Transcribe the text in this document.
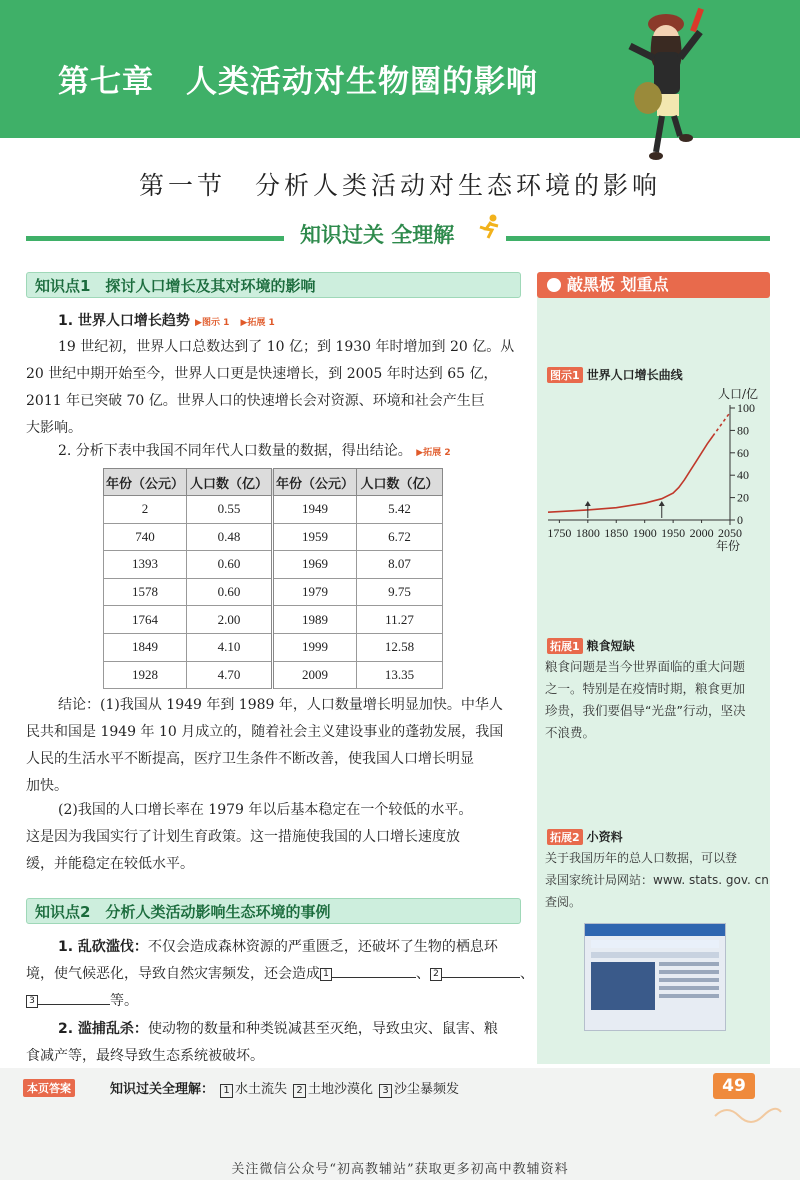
第七章　人类活动对生物圈的影响
第一节　分析人类活动对生态环境的影响
知识过关 全理解
知识点1　探讨人口增长及其对环境的影响
1. 世界人口增长趋势 ▶图示 1 ▶拓展 1
19 世纪初，世界人口总数达到了 10 亿；到 1930 年时增加到 20 亿。从
20 世纪中期开始至今，世界人口更是快速增长，到 2005 年时达到 65 亿，
2011 年已突破 70 亿。世界人口的快速增长会对资源、环境和社会产生巨
大影响。
2. 分析下表中我国不同年代人口数量的数据，得出结论。 ▶拓展 2
年份（公元）	人口数（亿）	年份（公元）	人口数（亿）
2	0.55	1949	5.42
740	0.48	1959	6.72
1393	0.60	1969	8.07
1578	0.60	1979	9.75
1764	2.00	1989	11.27
1849	4.10	1999	12.58
1928	4.70	2009	13.35
结论：(1)我国从 1949 年到 1989 年，人口数量增长明显加快。中华人
民共和国是 1949 年 10 月成立的，随着社会主义建设事业的蓬勃发展，我国
人民的生活水平不断提高，医疗卫生条件不断改善，使我国人口增长明显
加快。
(2)我国的人口增长率在 1979 年以后基本稳定在一个较低的水平。
这是因为我国实行了计划生育政策。这一措施使我国的人口增长速度放
缓，并能稳定在较低水平。
知识点2　分析人类活动影响生态环境的事例
1. 乱砍滥伐：不仅会造成森林资源的严重匮乏，还破坏了生物的栖息环
境，使气候恶化，导致自然灾害频发，还会造成 1	、 2	、
3	等。
2. 滥捕乱杀：使动物的数量和种类锐减甚至灭绝，导致虫灾、鼠害、粮
食减产等，最终导致生态系统被破坏。
敲黑板 划重点
图示1 世界人口增长曲线
人口/亿
0
20
40
60
80
100
1750 1800 1850 1900 1950 2000 2050
年份
拓展1 粮食短缺
粮食问题是当今世界面临的重大问题
之一。特别是在疫情时期，粮食更加
珍贵，我们要倡导“光盘”行动，坚决
不浪费。
拓展2 小资料
关于我国历年的总人口数据，可以登
录国家统计局网站：www. stats. gov. cn
查阅。
本页答案	知识过关全理解： 1 水土流失 2 土地沙漠化 3 沙尘暴频发	49
关注微信公众号“初高教辅站”获取更多初高中教辅资料
